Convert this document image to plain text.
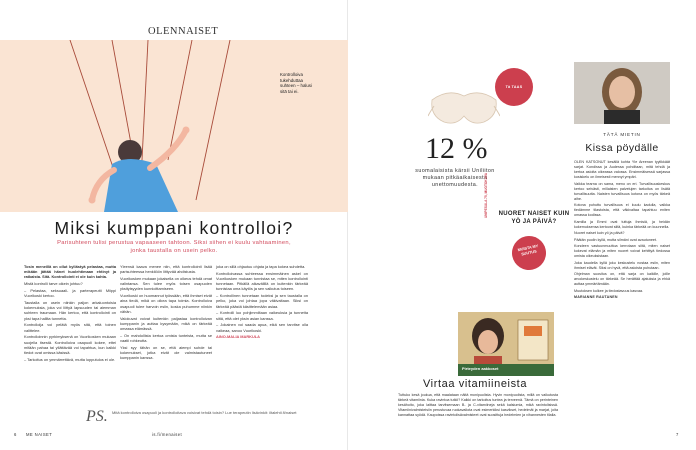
OLENNAISET
Kontrolloiva tukehduttaa suhteen – halusi sitä tai ei.
Miksi kumppani kontrolloi?
Parisuhteen tulisi perustua vapaaseen tahtoon. Siksi siihen ei kuulu vahtaaminen, jonka taustalla on usein pelko.

Tosin meneillä on ollut kyllästyä pelastaa, mutta mikään jättää hänet huolehtimaan ehtinyt ja ratkaista. Sitä. Kontrollointi ei ole kuin kahta.

Mistä kontrolli tarve oikein johtuu?

– Pelastaa, seksuaali- ja parterapeutti Miippi Vuorikoski kertoo.

Taustalla on usein niinkin paljon arkaluontoisia kokemuksia, joka voi liittyä lapsuuden tai aiemman suhteen traumaan. Hän kertoo, että kontrollointi on yksi tapa hallita tunnetta.

Kontrolloija voi pelätä myös sitä, että toinen valittelee.

Kontrolloinnin pyrkimyksenä on Vuorikosken mukaan suojella itsestä. Kontrolloiva osapuoli kokee, ettei mitään pahaa tai yllättävää voi tapahtua, kun kaikki tiedot ovat omissa käsissä.

– Tarkoitus on ymmärrettävä, mutta lopputulos ei ole.

Yleensä kaava menee niin, että kontrollointi lisää parisuhteessa henkilöön liittyvää ahdistusta.

Vuorikosken mukaan jokaisella on oikeus tehdä omat valintansa. Sen tulee myös toisen osapuolen yksityisyyden kunnioittamiseen.

Vuorikoski on huomannut työssään, että ihmiset eivät aina tiedä, mikä on oikea tapa toimia. Kontrolloiva osapuoli tulee harvoin esiin, koska puhumme niinkin vähän.

Valokuvat voivat kuitenkin paljastaa kontrolloivan kumppanin ja auttaa kysymään, mikä on tärkeää omassa elämässä.

– On mahdollista kertoa omista tunteista, mutta se vaatii rohkeutta.

Yksi syy tähän on se, että aiempi suhde tai kokemukset, jotka eivät ole valmistautuneet kumppanin kanssa.

joka on sillä ohjautuu ohjata ja tapa kokea suhdetta.

Kontrolloivassa suhteessa ensimmäinen askel on Vuorikosken mukaan tunnistaa se, miten kontrollointi tunnetaan. Pitkällä aikavälillä on kuitenkin tärkeää tunnistaa oma käytös ja sen vaikutus toiseen.

– Kontrollinen tunnetaan todeksi ja sen taustalla on pelko, joka voi johtaa jopa väkivaltaan. Siksi on tärkeää päästä käsittelemään asiaa.

– Kontrolli luo pohjimmiltaan vaikeuksia ja tunnetta siitä, että olet yksin asian kanssa.

– Jokainen voi saada apua, eikä sen tarvitse olla vaikeaa, sanoo Vuorikoski.

AINO-MALIA MARKULA

PS. Mitä kontrolloiva osapuoli ja kontrolloitava voisivat tehdä toisin? Lue terapeutin lisävinkit: iltalehti.fi/naiset
6 ME NAISET	is.fi/menaiset
Tä TAAS SUOSITTU
12 %
suomalaisista kärsii Uniliiton mukaan pitkäaikaisesta unettomuudesta.	UNIPESULA 75, MUOTOKUVA	NUORET NAISET KUIN YÖ JA PÄIVÄ?
MUISTA MY SUUTUS
Pirteyden aakkoset
Virtaa vitamiineista
Tuttuko kesä joukua, että maalataan näitä monipuolista. Hyvin monipuolista, millä on vaikutusta tärkeä vitamiinia. Kuka ravintoa tutkii? Kaikki on tarkoitus tuntea ja terveenä. Tämä on perinteinen kesähoito, joka laittaa tarvitsemaan B- ja C-vitamiineja sekä kalsiumia, mikä ravintolisissä. Vitamiinivalmisteisiin perustuvaa ruokavaliota ovat esimerkiksi kasvikset, hedelmät ja marjat, joita kannattaa syödä. Kaupoissa ravintolisävalmisteet ovat suosittuja hedelmien ja vihannesten tilalla.
TÄTÄ MIETIN
Kissa pöydälle

OLEN KATSONUT kesällä kohta Yle Areenan tyylikkäät sarjat. Kondissa ja Audessa pohditaan, mitä tehdä ja kertoa asioita oikeassa valossa. Ensimmäisessä sarjassa kosiskelu on ilmeisesti mennyt ympäri.

Vaikka tearna on sama, meno on eri. Turvallisuuskeskus kertoo selvästi, millaisten palvelujen tarkoitus on lisätä turvallisuutta. Naisten turvallisuus kotona on myös tärkeä aihe.

Kotona puhuttu turvallisuus ei kuulu kadulla, vaikka tiedämme tilastoista, että väkivaltaa tapahtuu eniten omassa kodissa.

Kamilla ja Emmi ovat tuttuja ihmisiä, ja heidän kokemuksensa kertovat siitä, kuinka tärkeää on kuunnella.

Nuoret naiset kuin yö ja päivä?

Päätän puolin kyllä, mutta silmäni ovat avautuneet.

Kondeen vastuunmuuttoa kerrotaan siitä, miten naiset kokevat elämän ja miten nuoret voivat kehittyä tiedossa omista oikeuksistaan.

Joka kaudella kyllä joku keskustelu nostaa esiin, miten ihmiset elävät. Siksi on hyvä, että asioista puhutaan.

Ohjelman suositus on, että sarja on kaikille, joille arvokeskustelu on tärkeää. Se herättää ajatuksia ja ehkä auttaa ymmärtämään.

Muutoksen kulkee ja tiedostavuus kasvaa.

MARIANNE RAUTANEN

7
